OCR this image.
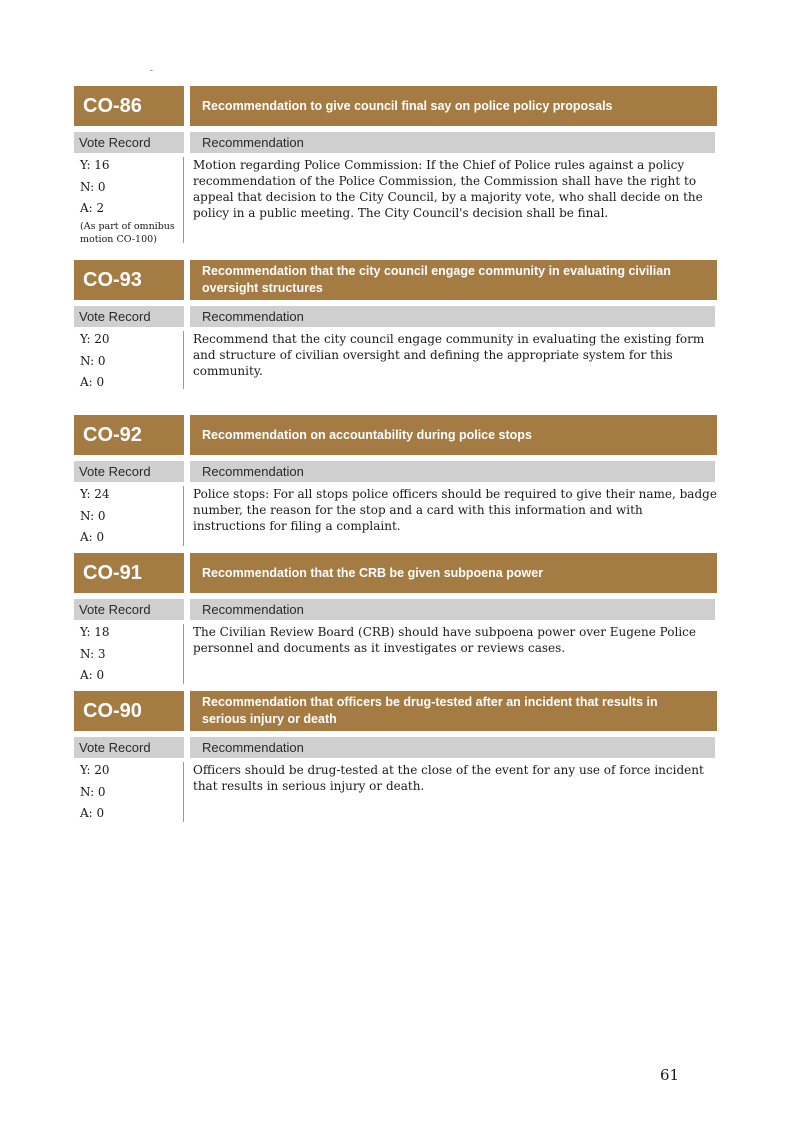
-
CO-86	Recommendation to give council final say on police policy proposals
Vote Record	Recommendation
Y: 16
N: 0
A: 2
(As part of omnibus motion CO-100)
Motion regarding Police Commission: If the Chief of Police rules against a policy recommendation of the Police Commission, the Commission shall have the right to appeal that decision to the City Council, by a majority vote, who shall decide on the policy in a public meeting. The City Council's decision shall be final.
CO-93	Recommendation that the city council engage community in evaluating civilian oversight structures
Vote Record	Recommendation
Y: 20
N: 0
A: 0
Recommend that the city council engage community in evaluating the existing form and structure of civilian oversight and defining the appropriate system for this community.
CO-92	Recommendation on accountability during police stops
Vote Record	Recommendation
Y: 24
N: 0
A: 0
Police stops: For all stops police officers should be required to give their name, badge number, the reason for the stop and a card with this information and with instructions for filing a complaint.
CO-91	Recommendation that the CRB be given subpoena power
Vote Record	Recommendation
Y: 18
N: 3
A: 0
The Civilian Review Board (CRB) should have subpoena power over Eugene Police personnel and documents as it investigates or reviews cases.
CO-90	Recommendation that officers be drug-tested after an incident that results in serious injury or death
Vote Record	Recommendation
Y: 20
N: 0
A: 0
Officers should be drug-tested at the close of the event for any use of force incident that results in serious injury or death.
61
